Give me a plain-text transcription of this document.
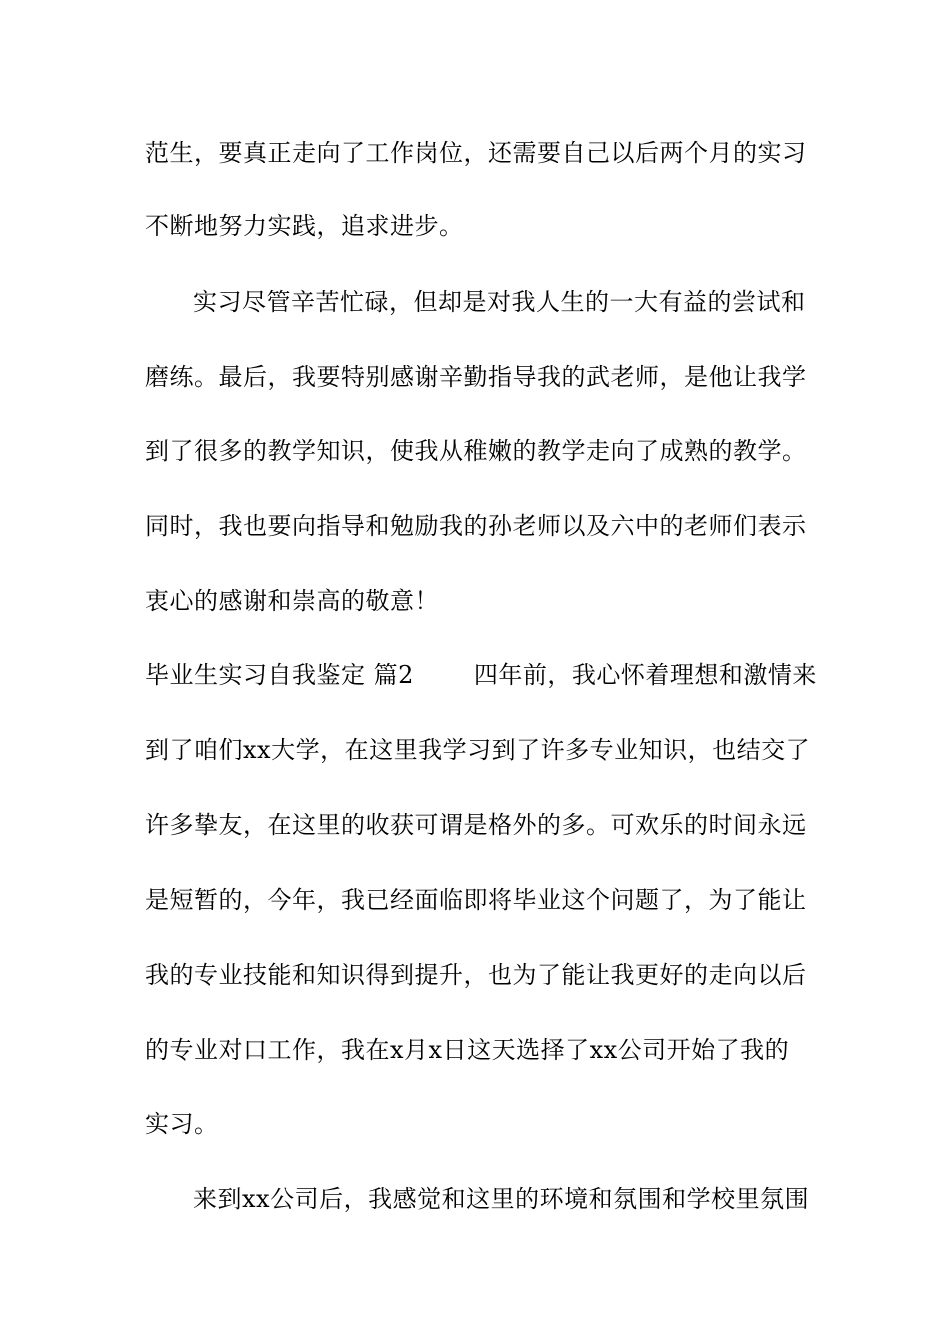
范生，要真正走向了工作岗位，还需要自己以后两个月的实习
不断地努力实践，追求进步。
实习尽管辛苦忙碌，但却是对我人生的一大有益的尝试和
磨练。最后，我要特别感谢辛勤指导我的武老师，是他让我学
到了很多的教学知识，使我从稚嫩的教学走向了成熟的教学。
同时，我也要向指导和勉励我的孙老师以及六中的老师们表示
衷心的感谢和崇高的敬意！
毕业生实习自我鉴定 篇2	四年前，我心怀着理想和激情来
到了咱们xx大学，在这里我学习到了许多专业知识，也结交了
许多挚友，在这里的收获可谓是格外的多。可欢乐的时间永远
是短暂的，今年，我已经面临即将毕业这个问题了，为了能让
我的专业技能和知识得到提升，也为了能让我更好的走向以后
的专业对口工作，我在x月x日这天选择了xx公司开始了我的
实习。
来到xx公司后，我感觉和这里的环境和氛围和学校里氛围
